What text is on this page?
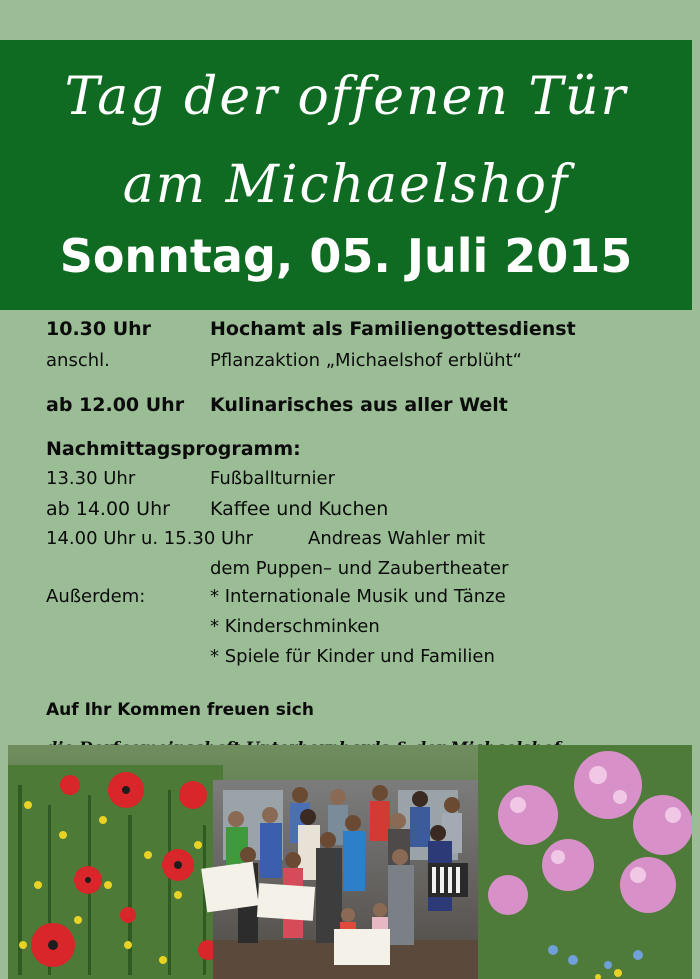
Tag der offenen Tür
am Michaelshof
Sonntag, 05. Juli 2015
10.30 Uhr	Hochamt als Familiengottesdienst
anschl.	Pflanzaktion „Michaelshof erblüht“
ab 12.00 Uhr Kulinarisches aus aller Welt
Nachmittagsprogramm:
13.30 Uhr	Fußballturnier
ab 14.00 Uhr Kaffee und Kuchen
14.00 Uhr u. 15.30 Uhr	Andreas Wahler mit
dem Puppen– und Zaubertheater
Außerdem:	* Internationale Musik und Tänze
* Kinderschminken
* Spiele für Kinder und Familien
Auf Ihr Kommen freuen sich
